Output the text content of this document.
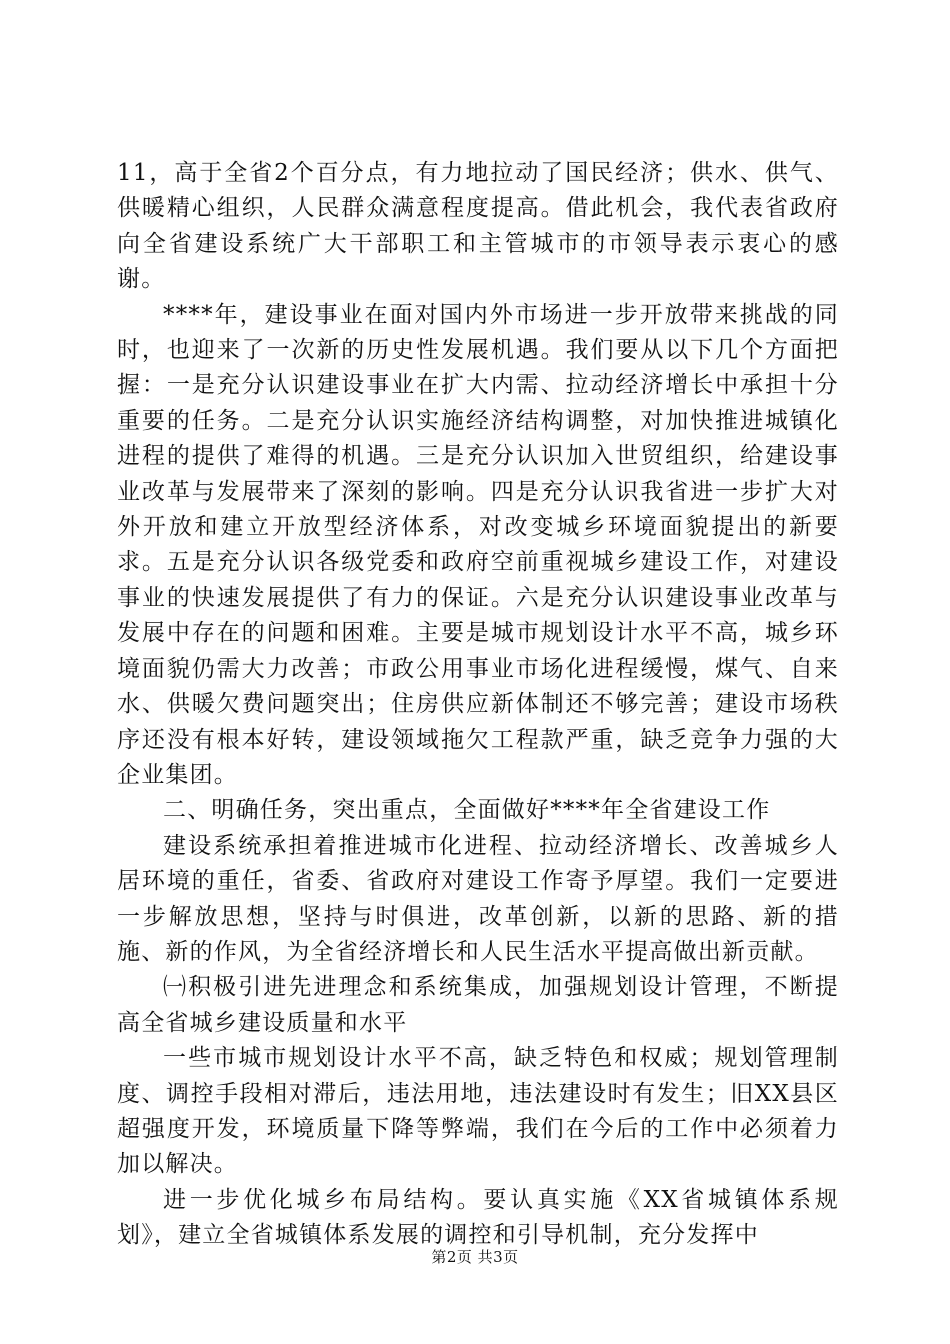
11，高于全省2个百分点，有力地拉动了国民经济；供水、供气、供暖精心组织，人民群众满意程度提高。借此机会，我代表省政府向全省建设系统广大干部职工和主管城市的市领导表示衷心的感谢。

****年，建设事业在面对国内外市场进一步开放带来挑战的同时，也迎来了一次新的历史性发展机遇。我们要从以下几个方面把握：一是充分认识建设事业在扩大内需、拉动经济增长中承担十分重要的任务。二是充分认识实施经济结构调整，对加快推进城镇化进程的提供了难得的机遇。三是充分认识加入世贸组织，给建设事业改革与发展带来了深刻的影响。四是充分认识我省进一步扩大对外开放和建立开放型经济体系，对改变城乡环境面貌提出的新要求。五是充分认识各级党委和政府空前重视城乡建设工作，对建设事业的快速发展提供了有力的保证。六是充分认识建设事业改革与发展中存在的问题和困难。主要是城市规划设计水平不高，城乡环境面貌仍需大力改善；市政公用事业市场化进程缓慢，煤气、自来水、供暖欠费问题突出；住房供应新体制还不够完善；建设市场秩序还没有根本好转，建设领域拖欠工程款严重，缺乏竞争力强的大企业集团。

二、明确任务，突出重点，全面做好****年全省建设工作

建设系统承担着推进城市化进程、拉动经济增长、改善城乡人居环境的重任，省委、省政府对建设工作寄予厚望。我们一定要进一步解放思想，坚持与时俱进，改革创新，以新的思路、新的措施、新的作风，为全省经济增长和人民生活水平提高做出新贡献。

㈠积极引进先进理念和系统集成，加强规划设计管理，不断提高全省城乡建设质量和水平

一些市城市规划设计水平不高，缺乏特色和权威；规划管理制度、调控手段相对滞后，违法用地，违法建设时有发生；旧XX县区超强度开发，环境质量下降等弊端，我们在今后的工作中必须着力加以解决。

进一步优化城乡布局结构。要认真实施《XX省城镇体系规划》，建立全省城镇体系发展的调控和引导机制，充分发挥中

第2页 共3页
